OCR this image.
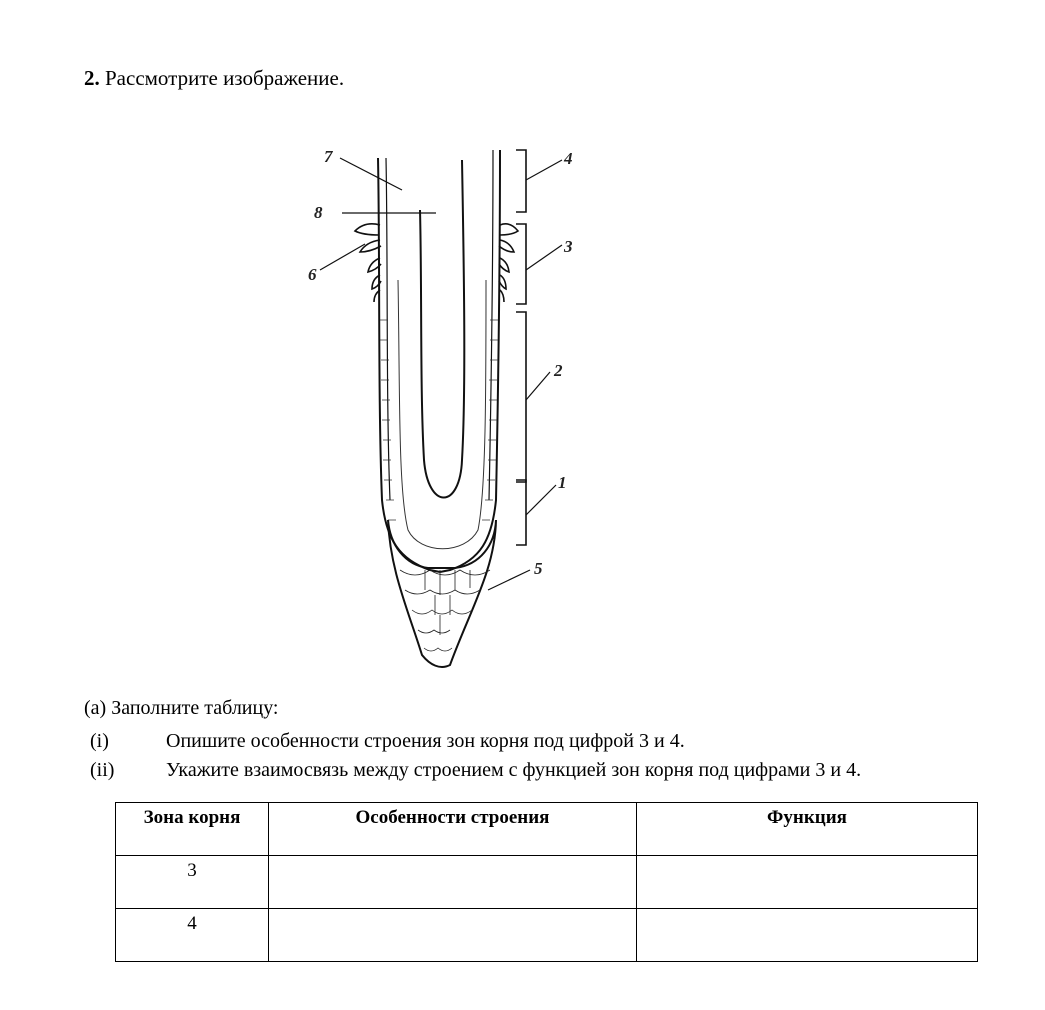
2. Рассмотрите изображение.
7
8
6
4
3
2
1
5
(а) Заполните таблицу:
(i)	Опишите особенности строения зон корня под цифрой 3 и 4.
(ii)	Укажите взаимосвязь между строением с функцией зон корня под цифрами 3 и 4.
Зона корня	Особенности строения	Функция
3		
4		
